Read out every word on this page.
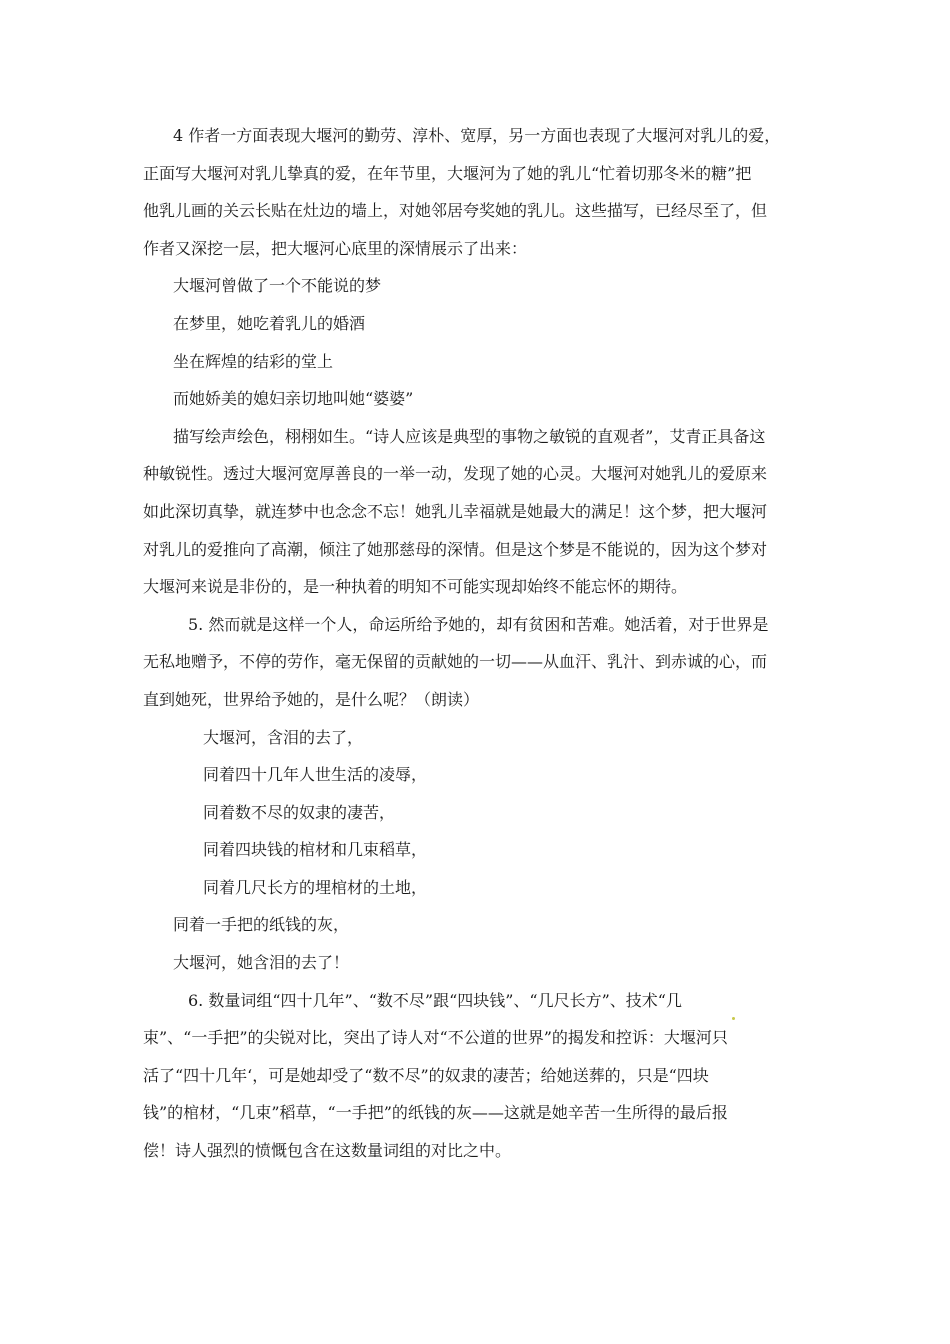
4 作者一方面表现大堰河的勤劳、淳朴、宽厚，另一方面也表现了大堰河对乳儿的爱，

正面写大堰河对乳儿挚真的爱，在年节里，大堰河为了她的乳儿“忙着切那冬米的糖”把

他乳儿画的关云长贴在灶边的墙上，对她邻居夸奖她的乳儿。这些描写，已经尽至了，但

作者又深挖一层，把大堰河心底里的深情展示了出来：

大堰河曾做了一个不能说的梦

在梦里，她吃着乳儿的婚酒

坐在辉煌的结彩的堂上

而她娇美的媳妇亲切地叫她“婆婆”

描写绘声绘色，栩栩如生。“诗人应该是典型的事物之敏锐的直观者”，艾青正具备这

种敏锐性。透过大堰河宽厚善良的一举一动，发现了她的心灵。大堰河对她乳儿的爱原来

如此深切真挚，就连梦中也念念不忘！她乳儿幸福就是她最大的满足！这个梦，把大堰河

对乳儿的爱推向了高潮，倾注了她那慈母的深情。但是这个梦是不能说的，因为这个梦对

大堰河来说是非份的，是一种执着的明知不可能实现却始终不能忘怀的期待。

5. 然而就是这样一个人，命运所给予她的，却有贫困和苦难。她活着，对于世界是

无私地赠予，不停的劳作，毫无保留的贡献她的一切——从血汗、乳汁、到赤诚的心，而

直到她死，世界给予她的，是什么呢？（朗读）

大堰河，含泪的去了，

同着四十几年人世生活的凌辱，

同着数不尽的奴隶的凄苦，

同着四块钱的棺材和几束稻草，

同着几尺长方的埋棺材的土地，

同着一手把的纸钱的灰，

大堰河，她含泪的去了！

6. 数量词组“四十几年”、“数不尽”跟“四块钱”、“几尺长方”、技术“几

束”、“一手把”的尖锐对比，突出了诗人对“不公道的世界”的揭发和控诉：大堰河只

活了“四十几年‘，可是她却受了“数不尽”的奴隶的凄苦；给她送葬的，只是“四块

钱”的棺材，“几束”稻草，“一手把”的纸钱的灰——这就是她辛苦一生所得的最后报

偿！诗人强烈的愤慨包含在这数量词组的对比之中。
